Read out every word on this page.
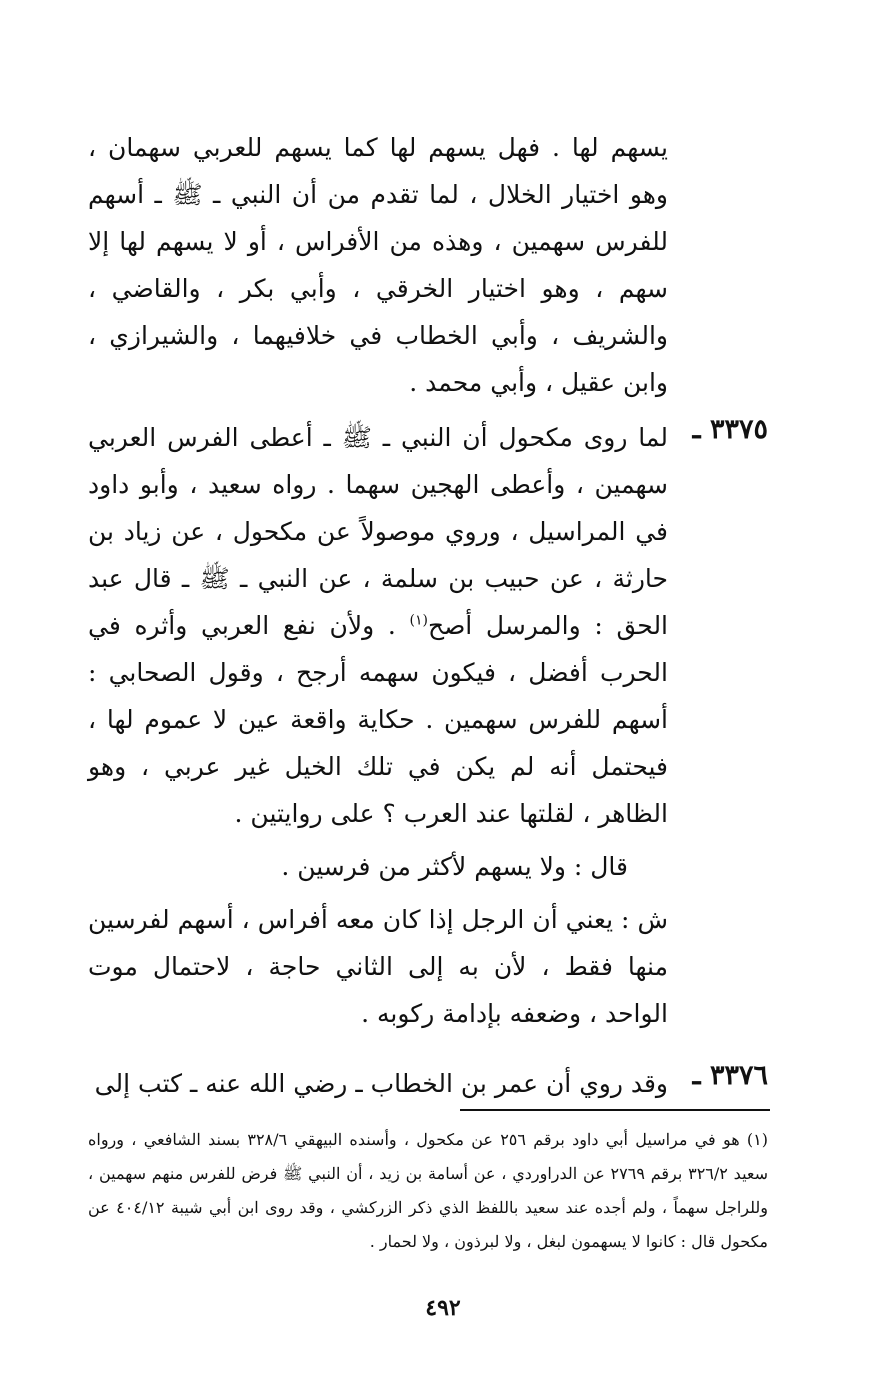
يسهم لها . فهل يسهم لها كما يسهم للعربي سهمان ، وهو اختيار الخلال ، لما تقدم من أن النبي ـ ﷺ ـ أسهم للفرس سهمين ، وهذه من الأفراس ، أو لا يسهم لها إلا سهم ، وهو اختيار الخرقي ، وأبي بكر ، والقاضي ، والشريف ، وأبي الخطاب في خلافيهما ، والشيرازي ، وابن عقيل ، وأبي محمد .

٣٣٧٥ ـ

لما روى مكحول أن النبي ـ ﷺ ـ أعطى الفرس العربي سهمين ، وأعطى الهجين سهما . رواه سعيد ، وأبو داود في المراسيل ، وروي موصولاً عن مكحول ، عن زياد بن حارثة ، عن حبيب بن سلمة ، عن النبي ـ ﷺ ـ قال عبد الحق : والمرسل أصح$^{(١)}$ . ولأن نفع العربي وأثره في الحرب أفضل ، فيكون سهمه أرجح ، وقول الصحابي : أسهم للفرس سهمين . حكاية واقعة عين لا عموم لها ، فيحتمل أنه لم يكن في تلك الخيل غير عربي ، وهو الظاهر ، لقلتها عند العرب ؟ على روايتين .

قال : ولا يسهم لأكثر من فرسين .

ش : يعني أن الرجل إذا كان معه أفراس ، أسهم لفرسين منها فقط ، لأن به إلى الثاني حاجة ، لاحتمال موت الواحد ، وضعفه بإدامة ركوبه .

٣٣٧٦ ـ

وقد روي أن عمر بن الخطاب ـ رضي الله عنه ـ كتب إلى

(١) هو في مراسيل أبي داود برقم ٢٥٦ عن مكحول ، وأسنده البيهقي ٣٢٨/٦ بسند الشافعي ، ورواه سعيد ٣٢٦/٢ برقم ٢٧٦٩ عن الدراوردي ، عن أسامة بن زيد ، أن النبي ﷺ فرض للفرس منهم سهمين ، وللراجل سهماً ، ولم أجده عند سعيد باللفظ الذي ذكر الزركشي ، وقد روى ابن أبي شيبة ٤٠٤/١٢ عن مكحول قال : كانوا لا يسهمون لبغل ، ولا لبرذون ، ولا لحمار .

٤٩٢
